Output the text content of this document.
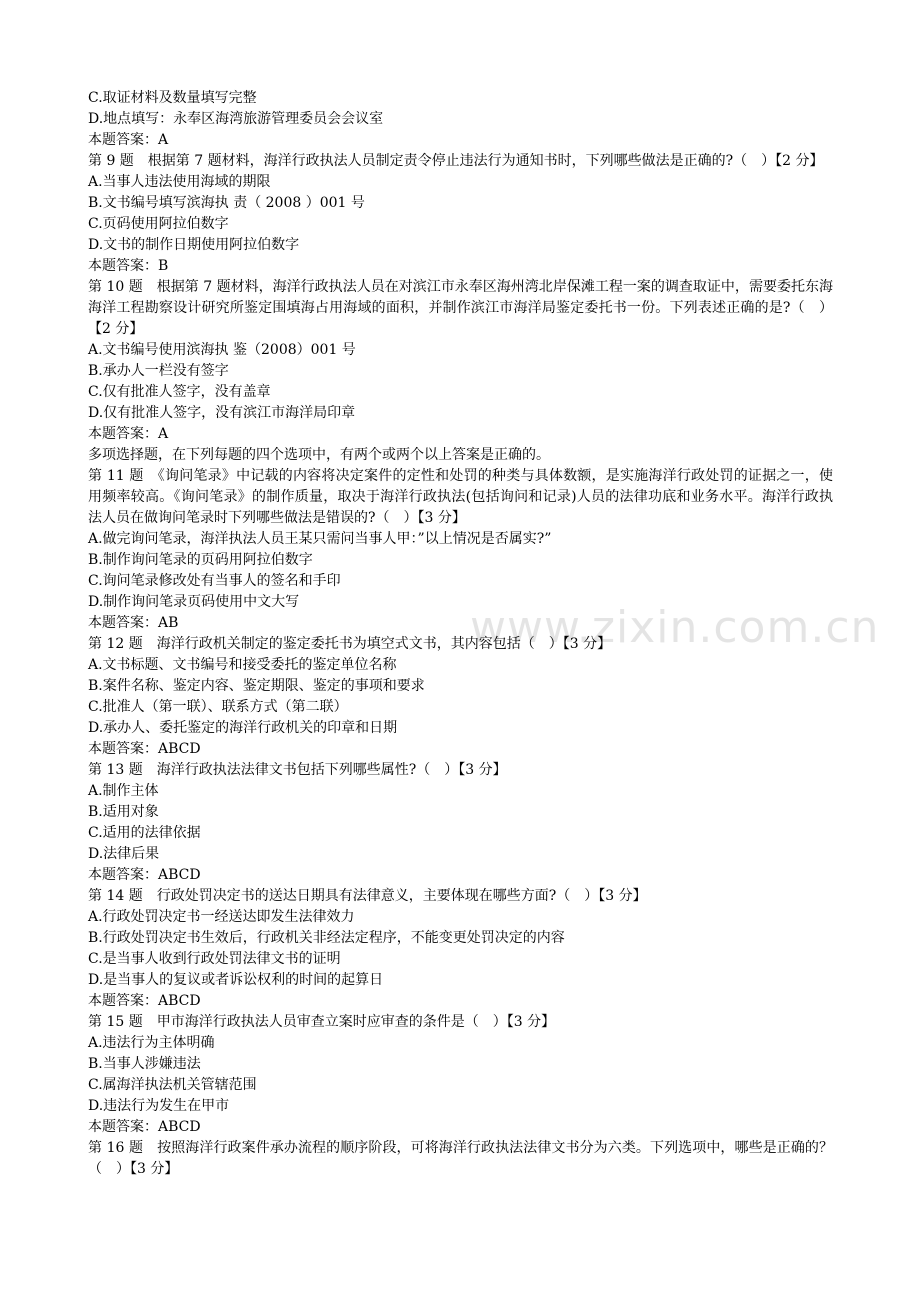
www.zixin.com.cn
C.取证材料及数量填写完整
D.地点填写：永奉区海湾旅游管理委员会会议室
本题答案：A
第 9 题　根据第 7 题材料，海洋行政执法人员制定责令停止违法行为通知书时，下列哪些做法是正确的?（　）【2 分】
A.当事人违法使用海域的期限
B.文书编号填写滨海执 责（ 2008 ）001 号
C.页码使用阿拉伯数字
D.文书的制作日期使用阿拉伯数字
本题答案：B
第 10 题　根据第 7 题材料，海洋行政执法人员在对滨江市永奉区海州湾北岸保滩工程一案的调查取证中，需要委托东海海洋工程勘察设计研究所鉴定围填海占用海域的面积，并制作滨江市海洋局鉴定委托书一份。下列表述正确的是?（　）【2 分】
A.文书编号使用滨海执 鉴（2008）001 号
B.承办人一栏没有签字
C.仅有批准人签字，没有盖章
D.仅有批准人签字，没有滨江市海洋局印章
本题答案：A
多项选择题，在下列每题的四个选项中，有两个或两个以上答案是正确的。
第 11 题　《询问笔录》中记载的内容将决定案件的定性和处罚的种类与具体数额，是实施海洋行政处罚的证据之一，使用频率较高。《询问笔录》的制作质量，取决于海洋行政执法(包括询问和记录)人员的法律功底和业务水平。海洋行政执法人员在做询问笔录时下列哪些做法是错误的?（　）【3 分】
A.做完询问笔录，海洋执法人员王某只需问当事人甲：”以上情况是否属实?”
B.制作询问笔录的页码用阿拉伯数字
C.询问笔录修改处有当事人的签名和手印
D.制作询问笔录页码使用中文大写
本题答案：AB
第 12 题　海洋行政机关制定的鉴定委托书为填空式文书，其内容包括（　）【3 分】
A.文书标题、文书编号和接受委托的鉴定单位名称
B.案件名称、鉴定内容、鉴定期限、鉴定的事项和要求
C.批准人（第一联）、联系方式（第二联）
D.承办人、委托鉴定的海洋行政机关的印章和日期
本题答案：ABCD
第 13 题　海洋行政执法法律文书包括下列哪些属性?（　）【3 分】
A.制作主体
B.适用对象
C.适用的法律依据
D.法律后果
本题答案：ABCD
第 14 题　行政处罚决定书的送达日期具有法律意义，主要体现在哪些方面?（　）【3 分】
A.行政处罚决定书一经送达即发生法律效力
B.行政处罚决定书生效后，行政机关非经法定程序，不能变更处罚决定的内容
C.是当事人收到行政处罚法律文书的证明
D.是当事人的复议或者诉讼权利的时间的起算日
本题答案：ABCD
第 15 题　甲市海洋行政执法人员审查立案时应审查的条件是（　）【3 分】
A.违法行为主体明确
B.当事人涉嫌违法
C.属海洋执法机关管辖范围
D.违法行为发生在甲市
本题答案：ABCD
第 16 题　按照海洋行政案件承办流程的顺序阶段，可将海洋行政执法法律文书分为六类。下列选项中，哪些是正确的？（　）【3 分】
